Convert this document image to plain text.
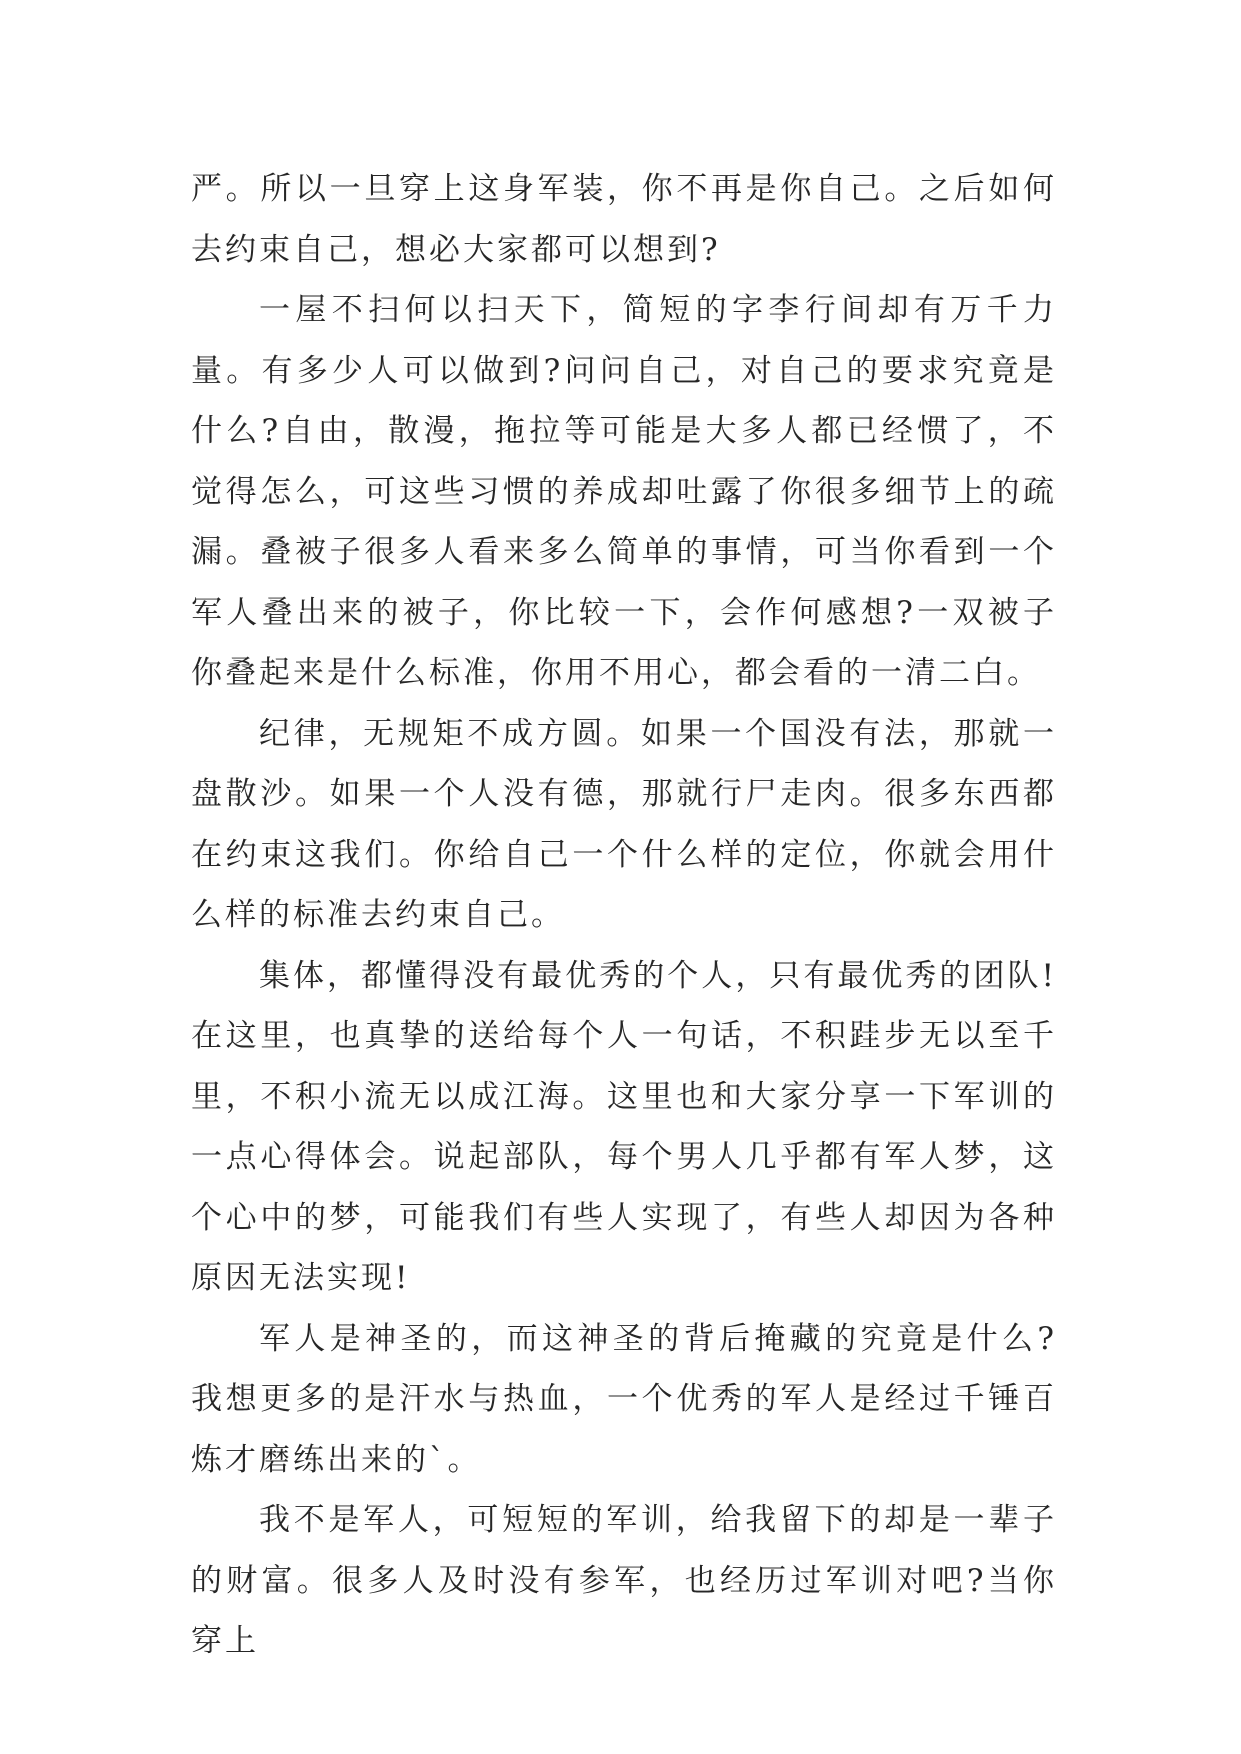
严。所以一旦穿上这身军装，你不再是你自己。之后如何去约束自己，想必大家都可以想到?

一屋不扫何以扫天下，简短的字李行间却有万千力量。有多少人可以做到?问问自己，对自己的要求究竟是什么?自由，散漫，拖拉等可能是大多人都已经惯了，不觉得怎么，可这些习惯的养成却吐露了你很多细节上的疏漏。叠被子很多人看来多么简单的事情，可当你看到一个军人叠出来的被子，你比较一下，会作何感想?一双被子你叠起来是什么标准，你用不用心，都会看的一清二白。

纪律，无规矩不成方圆。如果一个国没有法，那就一盘散沙。如果一个人没有德，那就行尸走肉。很多东西都在约束这我们。你给自己一个什么样的定位，你就会用什么样的标准去约束自己。

集体，都懂得没有最优秀的个人，只有最优秀的团队!在这里，也真挚的送给每个人一句话，不积跬步无以至千里，不积小流无以成江海。这里也和大家分享一下军训的一点心得体会。说起部队，每个男人几乎都有军人梦，这个心中的梦，可能我们有些人实现了，有些人却因为各种原因无法实现!

军人是神圣的，而这神圣的背后掩藏的究竟是什么?我想更多的是汗水与热血，一个优秀的军人是经过千锤百炼才磨练出来的`。

我不是军人，可短短的军训，给我留下的却是一辈子的财富。很多人及时没有参军，也经历过军训对吧?当你穿上
